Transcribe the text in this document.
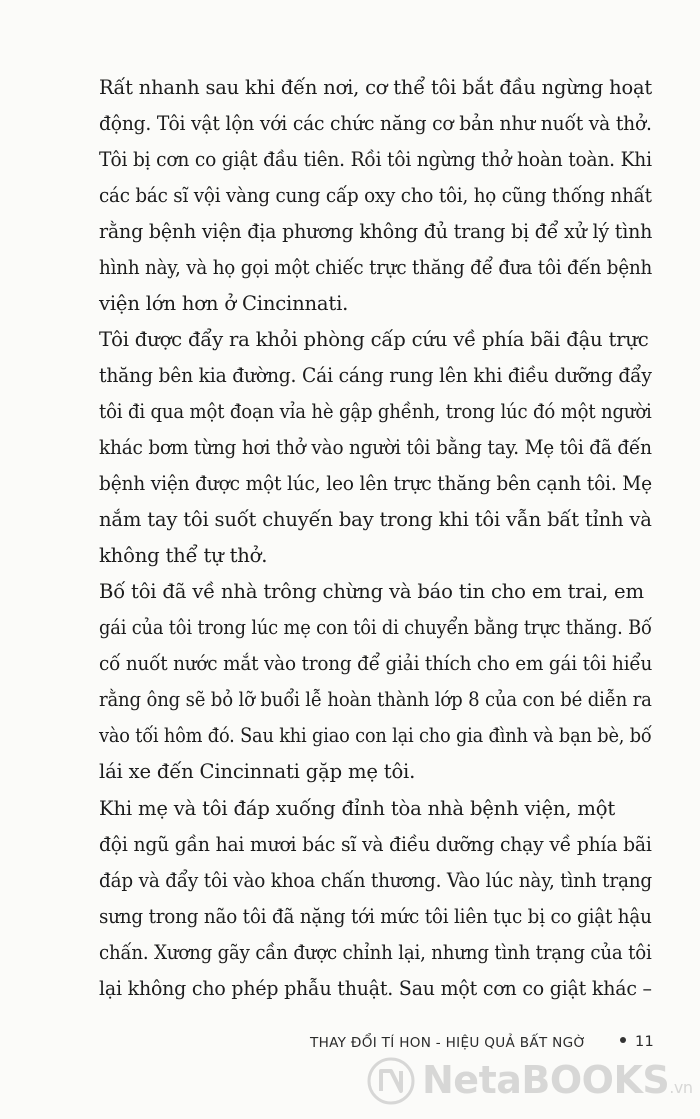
Rất nhanh sau khi đến nơi, cơ thể tôi bắt đầu ngừng hoạt
động. Tôi vật lộn với các chức năng cơ bản như nuốt và thở.
Tôi bị cơn co giật đầu tiên. Rồi tôi ngừng thở hoàn toàn. Khi
các bác sĩ vội vàng cung cấp oxy cho tôi, họ cũng thống nhất
rằng bệnh viện địa phương không đủ trang bị để xử lý tình
hình này, và họ gọi một chiếc trực thăng để đưa tôi đến bệnh
viện lớn hơn ở Cincinnati.
Tôi được đẩy ra khỏi phòng cấp cứu về phía bãi đậu trực
thăng bên kia đường. Cái cáng rung lên khi điều dưỡng đẩy
tôi đi qua một đoạn vỉa hè gập ghềnh, trong lúc đó một người
khác bơm từng hơi thở vào người tôi bằng tay. Mẹ tôi đã đến
bệnh viện được một lúc, leo lên trực thăng bên cạnh tôi. Mẹ
nắm tay tôi suốt chuyến bay trong khi tôi vẫn bất tỉnh và
không thể tự thở.
Bố tôi đã về nhà trông chừng và báo tin cho em trai, em
gái của tôi trong lúc mẹ con tôi di chuyển bằng trực thăng. Bố
cố nuốt nước mắt vào trong để giải thích cho em gái tôi hiểu
rằng ông sẽ bỏ lỡ buổi lễ hoàn thành lớp 8 của con bé diễn ra
vào tối hôm đó. Sau khi giao con lại cho gia đình và bạn bè, bố
lái xe đến Cincinnati gặp mẹ tôi.
Khi mẹ và tôi đáp xuống đỉnh tòa nhà bệnh viện, một
đội ngũ gần hai mươi bác sĩ và điều dưỡng chạy về phía bãi
đáp và đẩy tôi vào khoa chấn thương. Vào lúc này, tình trạng
sưng trong não tôi đã nặng tới mức tôi liên tục bị co giật hậu
chấn. Xương gãy cần được chỉnh lại, nhưng tình trạng của tôi
lại không cho phép phẫu thuật. Sau một cơn co giật khác –
THAY ĐỔI TÍ HON - HIỆU QUẢ BẤT NGỜ	11
NetaBOOKS.vn
